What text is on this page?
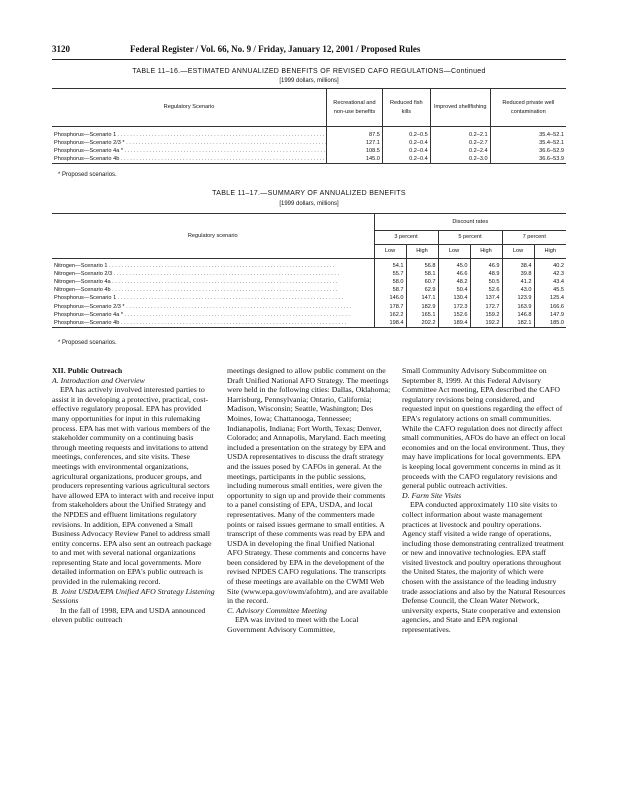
3120	Federal Register / Vol. 66, No. 9 / Friday, January 12, 2001 / Proposed Rules
TABLE 11–16.—ESTIMATED ANNUALIZED BENEFITS OF REVISED CAFO REGULATIONS—Continued
[1999 dollars, millions]
Regulatory Scenario	Recreational and non-use benefits	Reduced fish kills	Improved shellfishing	Reduced private well contamination

Phosphorus—Scenario 1 . . .	87.5	0.2–0.5	0.2–2.1	35.4–52.1
Phosphorus—Scenario 2/3 * . . .	127.1	0.2–0.4	0.2–2.7	35.4–52.1
Phosphorus—Scenario 4a * . . .	108.5	0.2–0.4	0.2–2.4	36.6–52.9
Phosphorus—Scenario 4b . . .	145.0	0.2–0.4	0.2–3.0	36.6–53.9
* Proposed scenarios.
TABLE 11–17.—SUMMARY OF ANNUALIZED BENEFITS
[1999 dollars, millions]
Regulatory scenario	Discount rates					
	3 percent		5 percent		7 percent	
	Low	High	Low	High	Low	High

Nitrogen—Scenario 1 . . .	54.1	56.8	45.0	46.9	38.4	40.2
Nitrogen—Scenario 2/3 . . .	55.7	58.1	46.6	48.9	39.8	42.3
Nitrogen—Scenario 4a . . .	58.0	60.7	48.2	50.5	41.2	43.4
Nitrogen—Scenario 4b . . .	58.7	62.9	50.4	52.6	43.0	45.5
Phosphorus—Scenario 1 . . .	146.0	147.1	130.4	137.4	123.9	125.4
Phosphorus—Scenario 2/3 * . . .	178.7	182.9	172.3	172.7	163.9	166.6
Phosphorus—Scenario 4a * . . .	162.2	165.1	152.6	159.2	146.8	147.9
Phosphorus—Scenario 4b . . .	198.4	202.2	189.4	192.2	182.1	185.0
* Proposed scenarios.
XII. Public Outreach
A. Introduction and Overview

EPA has actively involved interested parties to assist it in developing a protective, practical, cost-effective regulatory proposal. EPA has provided many opportunities for input in this rulemaking process. EPA has met with various members of the stakeholder community on a continuing basis through meeting requests and invitations to attend meetings, conferences, and site visits. These meetings with environmental organizations, agricultural organizations, producer groups, and producers representing various agricultural sectors have allowed EPA to interact with and receive input from stakeholders about the Unified Strategy and the NPDES and effluent limitations regulatory revisions. In addition, EPA convened a Small Business Advocacy Review Panel to address small entity concerns. EPA also sent an outreach package to and met with several national organizations representing State and local governments. More detailed information on EPA's public outreach is provided in the rulemaking record.

B. Joint USDA/EPA Unified AFO Strategy Listening Sessions

In the fall of 1998, EPA and USDA announced eleven public outreach

meetings designed to allow public comment on the Draft Unified National AFO Strategy. The meetings were held in the following cities: Dallas, Oklahoma; Harrisburg, Pennsylvania; Ontario, California; Madison, Wisconsin; Seattle, Washington; Des Moines, Iowa; Chattanooga, Tennessee; Indianapolis, Indiana; Fort Worth, Texas; Denver, Colorado; and Annapolis, Maryland. Each meeting included a presentation on the strategy by EPA and USDA representatives to discuss the draft strategy and the issues posed by CAFOs in general. At the meetings, participants in the public sessions, including numerous small entities, were given the opportunity to sign up and provide their comments to a panel consisting of EPA, USDA, and local representatives. Many of the commenters made points or raised issues germane to small entities. A transcript of these comments was read by EPA and USDA in developing the final Unified National AFO Strategy. These comments and concerns have been considered by EPA in the development of the revised NPDES CAFO regulations. The transcripts of these meetings are available on the CWMI Web Site (www.epa.gov/owm/afohtm), and are available in the record.

C. Advisory Committee Meeting

EPA was invited to meet with the Local Government Advisory Committee,

Small Community Advisory Subcommittee on September 8, 1999. At this Federal Advisory Committee Act meeting, EPA described the CAFO regulatory revisions being considered, and requested input on questions regarding the effect of EPA's regulatory actions on small communities. While the CAFO regulation does not directly affect small communities, AFOs do have an effect on local economies and on the local environment. Thus, they may have implications for local governments. EPA is keeping local government concerns in mind as it proceeds with the CAFO regulatory revisions and general public outreach activities.

D. Farm Site Visits

EPA conducted approximately 110 site visits to collect information about waste management practices at livestock and poultry operations. Agency staff visited a wide range of operations, including those demonstrating centralized treatment or new and innovative technologies. EPA staff visited livestock and poultry operations throughout the United States, the majority of which were chosen with the assistance of the leading industry trade associations and also by the Natural Resources Defense Council, the Clean Water Network, university experts, State cooperative and extension agencies, and State and EPA regional representatives.
